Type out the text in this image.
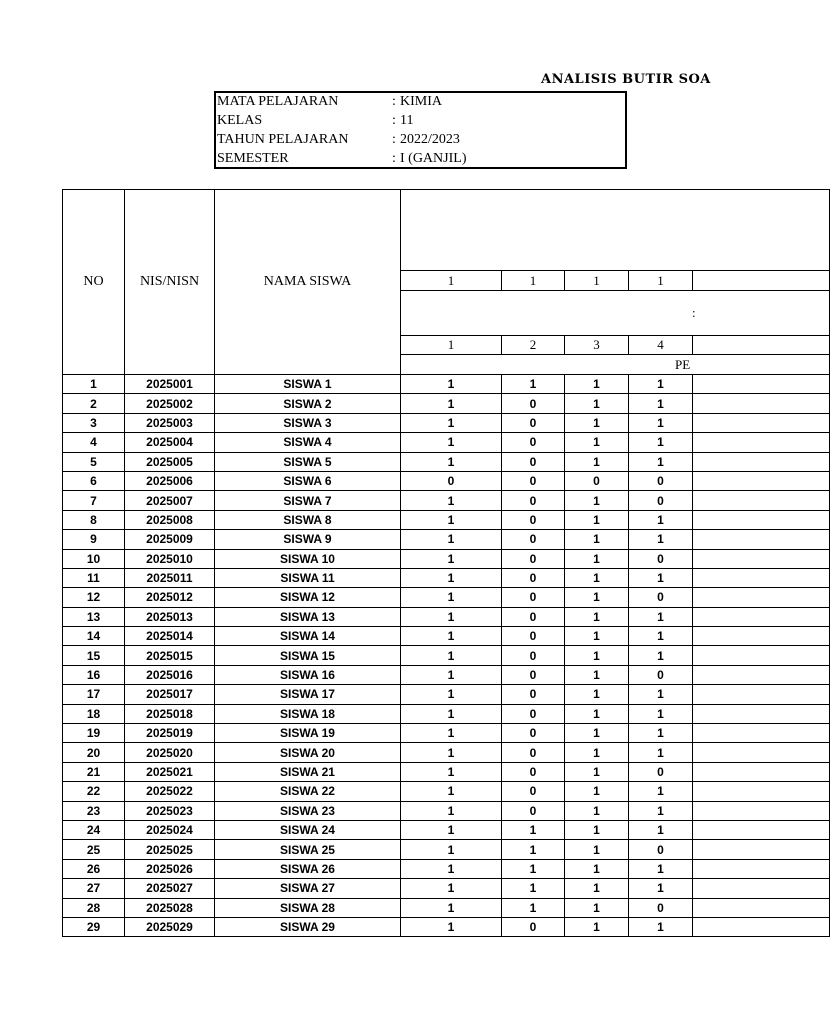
ANALISIS BUTIR SOA
MATA PELAJARAN	: KIMIA
KELAS	: 11
TAHUN PELAJARAN	: 2022/2023
SEMESTER	: I (GANJIL)
NO	NIS/NISN	NAMA SISWA					
			1	1	1	1	

			:				

			1	2	3	4	

			PE				

1	2025001	SISWA 1	1	1	1	1	
2	2025002	SISWA 2	1	0	1	1	
3	2025003	SISWA 3	1	0	1	1	
4	2025004	SISWA 4	1	0	1	1	
5	2025005	SISWA 5	1	0	1	1	
6	2025006	SISWA 6	0	0	0	0	
7	2025007	SISWA 7	1	0	1	0	
8	2025008	SISWA 8	1	0	1	1	
9	2025009	SISWA 9	1	0	1	1	
10	2025010	SISWA 10	1	0	1	0	
11	2025011	SISWA 11	1	0	1	1	
12	2025012	SISWA 12	1	0	1	0	
13	2025013	SISWA 13	1	0	1	1	
14	2025014	SISWA 14	1	0	1	1	
15	2025015	SISWA 15	1	0	1	1	
16	2025016	SISWA 16	1	0	1	0	
17	2025017	SISWA 17	1	0	1	1	
18	2025018	SISWA 18	1	0	1	1	
19	2025019	SISWA 19	1	0	1	1	
20	2025020	SISWA 20	1	0	1	1	
21	2025021	SISWA 21	1	0	1	0	
22	2025022	SISWA 22	1	0	1	1	
23	2025023	SISWA 23	1	0	1	1	
24	2025024	SISWA 24	1	1	1	1	
25	2025025	SISWA 25	1	1	1	0	
26	2025026	SISWA 26	1	1	1	1	
27	2025027	SISWA 27	1	1	1	1	
28	2025028	SISWA 28	1	1	1	0	
29	2025029	SISWA 29	1	0	1	1	
